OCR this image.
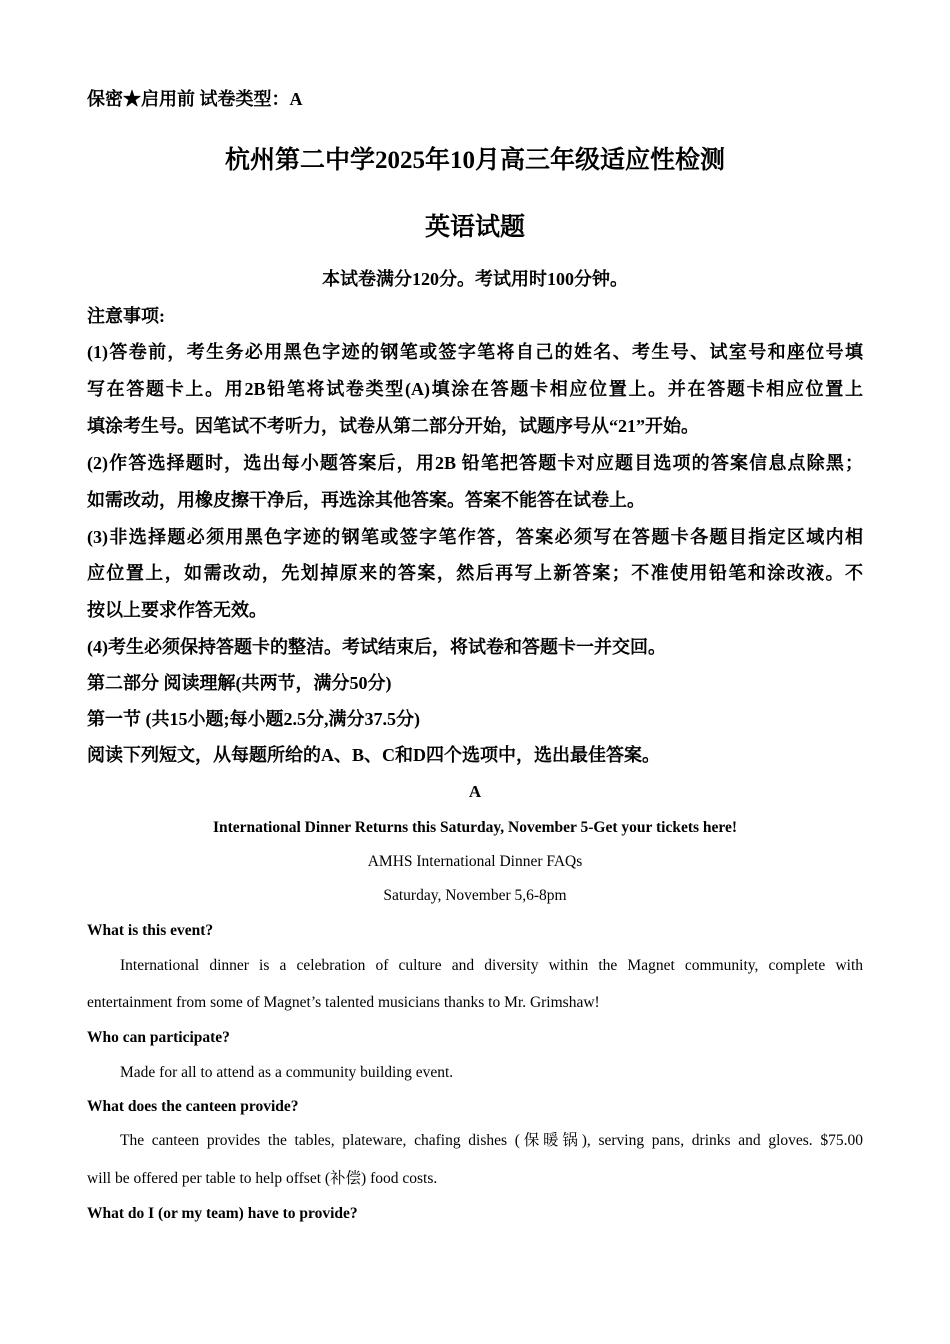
保密★启用前 试卷类型：A
杭州第二中学2025年10月高三年级适应性检测
英语试题
本试卷满分120分。考试用时100分钟。
注意事项:
(1)答卷前，考生务必用黑色字迹的钢笔或签字笔将自己的姓名、考生号、试室号和座位号填
写在答题卡上。用2B铅笔将试卷类型(A)填涂在答题卡相应位置上。并在答题卡相应位置上
填涂考生号。因笔试不考听力，试卷从第二部分开始，试题序号从“21”开始。
(2)作答选择题时，选出每小题答案后，用2B 铅笔把答题卡对应题目选项的答案信息点除黑；
如需改动，用橡皮擦干净后，再选涂其他答案。答案不能答在试卷上。
(3)非选择题必须用黑色字迹的钢笔或签字笔作答，答案必须写在答题卡各题目指定区域内相
应位置上，如需改动，先划掉原来的答案，然后再写上新答案；不准使用铅笔和涂改液。不
按以上要求作答无效。
(4)考生必须保持答题卡的整洁。考试结束后，将试卷和答题卡一并交回。
第二部分 阅读理解(共两节，满分50分)
第一节 (共15小题;每小题2.5分,满分37.5分)
阅读下列短文，从每题所给的A、B、C和D四个选项中，选出最佳答案。
A
International Dinner Returns this Saturday, November 5-Get your tickets here!
AMHS International Dinner FAQs
Saturday, November 5,6-8pm
What is this event?
International dinner is a celebration of culture and diversity within the Magnet community, complete with
entertainment from some of Magnet’s talented musicians thanks to Mr. Grimshaw!
Who can participate?
Made for all to attend as a community building event.
What does the canteen provide?
The canteen provides the tables, plateware, chafing dishes (保暖锅), serving pans, drinks and gloves. $75.00
will be offered per table to help offset (补偿) food costs.
What do I (or my team) have to provide?
